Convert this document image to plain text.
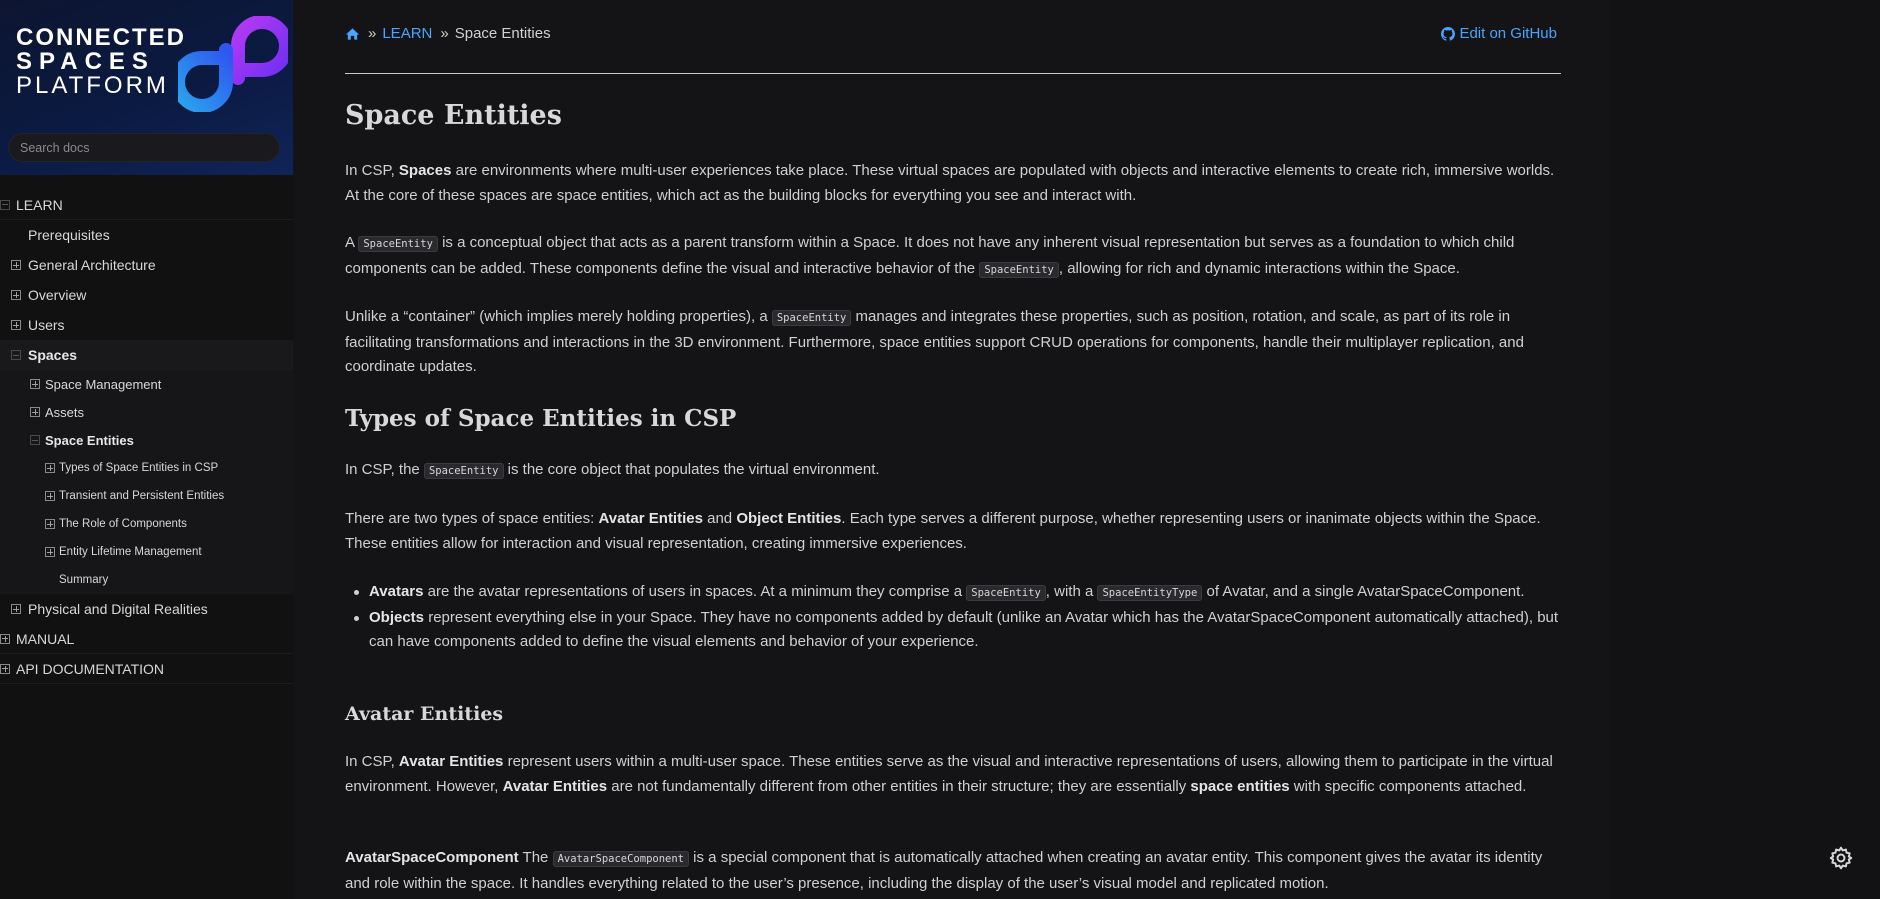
CONNECTED
SPACES
PLATFORM
Search docs
LEARN
Prerequisites
General Architecture
Overview
Users
Spaces
Space Management
Assets
Space Entities
Types of Space Entities in CSP
Transient and Persistent Entities
The Role of Components
Entity Lifetime Management
Summary
Physical and Digital Realities
MANUAL
API DOCUMENTATION
» LEARN » Space Entities	Edit on GitHub
Space Entities

In CSP, Spaces are environments where multi-user experiences take place. These virtual spaces are populated with objects and interactive elements to create rich, immersive worlds. At the core of these spaces are space entities, which act as the building blocks for everything you see and interact with.

A SpaceEntity is a conceptual object that acts as a parent transform within a Space. It does not have any inherent visual representation but serves as a foundation to which child components can be added. These components define the visual and interactive behavior of the SpaceEntity , allowing for rich and dynamic interactions within the Space.

Unlike a “container” (which implies merely holding properties), a SpaceEntity manages and integrates these properties, such as position, rotation, and scale, as part of its role in facilitating transformations and interactions in the 3D environment. Furthermore, space entities support CRUD operations for components, handle their multiplayer replication, and coordinate updates.

Types of Space Entities in CSP

In CSP, the SpaceEntity is the core object that populates the virtual environment.

There are two types of space entities: Avatar Entities and Object Entities. Each type serves a different purpose, whether representing users or inanimate objects within the Space. These entities allow for interaction and visual representation, creating immersive experiences.

Avatars are the avatar representations of users in spaces. At a minimum they comprise a SpaceEntity , with a SpaceEntityType of Avatar, and a single AvatarSpaceComponent.
Objects represent everything else in your Space. They have no components added by default (unlike an Avatar which has the AvatarSpaceComponent automatically attached), but can have components added to define the visual elements and behavior of your experience.
Avatar Entities

In CSP, Avatar Entities represent users within a multi-user space. These entities serve as the visual and interactive representations of users, allowing them to participate in the virtual environment. However, Avatar Entities are not fundamentally different from other entities in their structure; they are essentially space entities with specific components attached.

AvatarSpaceComponent The AvatarSpaceComponent is a special component that is automatically attached when creating an avatar entity. This component gives the avatar its identity and role within the space. It handles everything related to the user’s presence, including the display of the user’s visual model and replicated motion.
